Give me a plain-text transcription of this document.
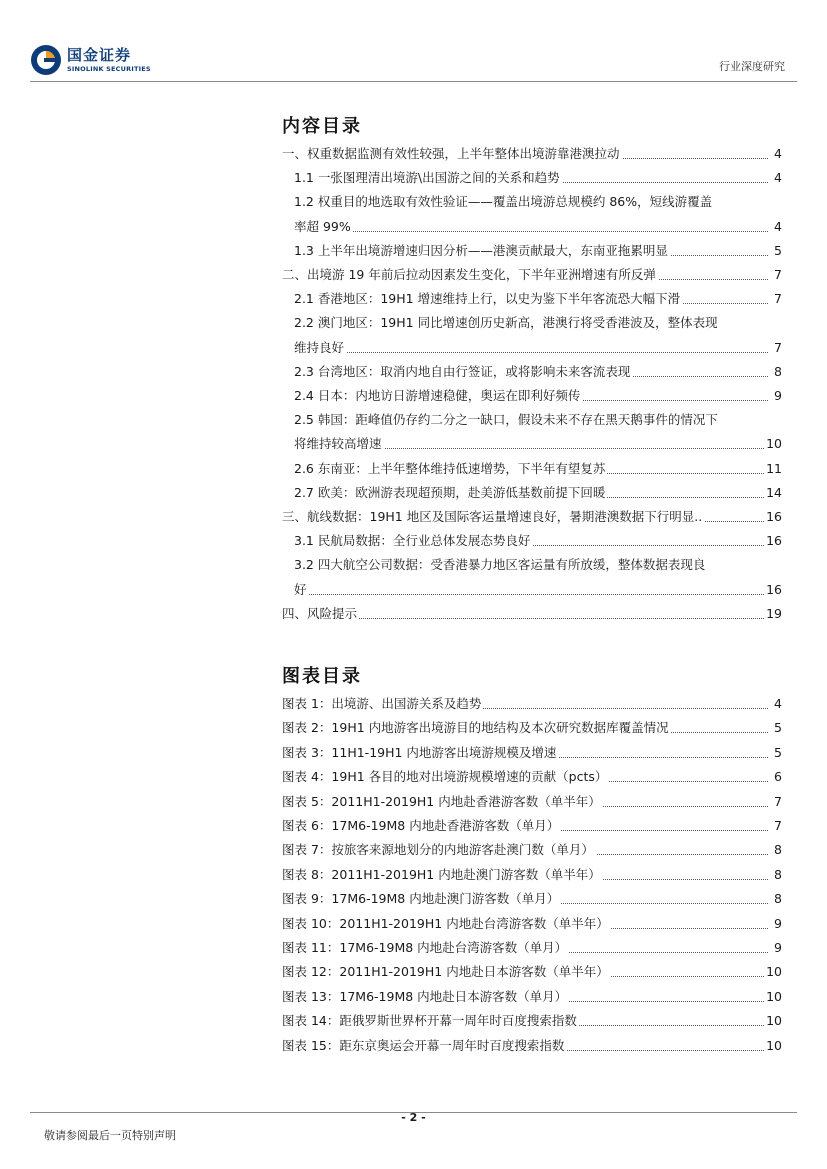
国金证券
SINOLINK SECURITIES	行业深度研究
内容目录
一、权重数据监测有效性较强，上半年整体出境游靠港澳拉动	4
1.1 一张图理清出境游\出国游之间的关系和趋势	4
1.2 权重目的地选取有效性验证——覆盖出境游总规模约 86%，短线游覆盖
率超 99%	4
1.3 上半年出境游增速归因分析——港澳贡献最大，东南亚拖累明显	5
二、出境游 19 年前后拉动因素发生变化，下半年亚洲增速有所反弹	7
2.1 香港地区：19H1 增速维持上行，以史为鉴下半年客流恐大幅下滑	7
2.2 澳门地区：19H1 同比增速创历史新高，港澳行将受香港波及，整体表现
维持良好	7
2.3 台湾地区：取消内地自由行签证，或将影响未来客流表现	8
2.4 日本：内地访日游增速稳健，奥运在即利好频传	9
2.5 韩国：距峰值仍存约二分之一缺口，假设未来不存在黑天鹅事件的情况下
将维持较高增速	10
2.6 东南亚：上半年整体维持低速增势，下半年有望复苏	11
2.7 欧美：欧洲游表现超预期，赴美游低基数前提下回暖	14
三、航线数据：19H1 地区及国际客运量增速良好，暑期港澳数据下行明显..	16
3.1 民航局数据：全行业总体发展态势良好	16
3.2 四大航空公司数据：受香港暴力地区客运量有所放缓，整体数据表现良
好	16
四、风险提示	19
图表目录
图表 1：出境游、出国游关系及趋势	4
图表 2：19H1 内地游客出境游目的地结构及本次研究数据库覆盖情况	5
图表 3：11H1-19H1 内地游客出境游规模及增速	5
图表 4：19H1 各目的地对出境游规模增速的贡献（pcts）	6
图表 5：2011H1-2019H1 内地赴香港游客数（单半年）	7
图表 6：17M6-19M8 内地赴香港游客数（单月）	7
图表 7：按旅客来源地划分的内地游客赴澳门数（单月）	8
图表 8：2011H1-2019H1 内地赴澳门游客数（单半年）	8
图表 9：17M6-19M8 内地赴澳门游客数（单月）	8
图表 10：2011H1-2019H1 内地赴台湾游客数（单半年）	9
图表 11：17M6-19M8 内地赴台湾游客数（单月）	9
图表 12：2011H1-2019H1 内地赴日本游客数（单半年）	10
图表 13：17M6-19M8 内地赴日本游客数（单月）	10
图表 14：距俄罗斯世界杯开幕一周年时百度搜索指数	10
图表 15：距东京奥运会开幕一周年时百度搜索指数	10
- 2 -
敬请参阅最后一页特别声明
